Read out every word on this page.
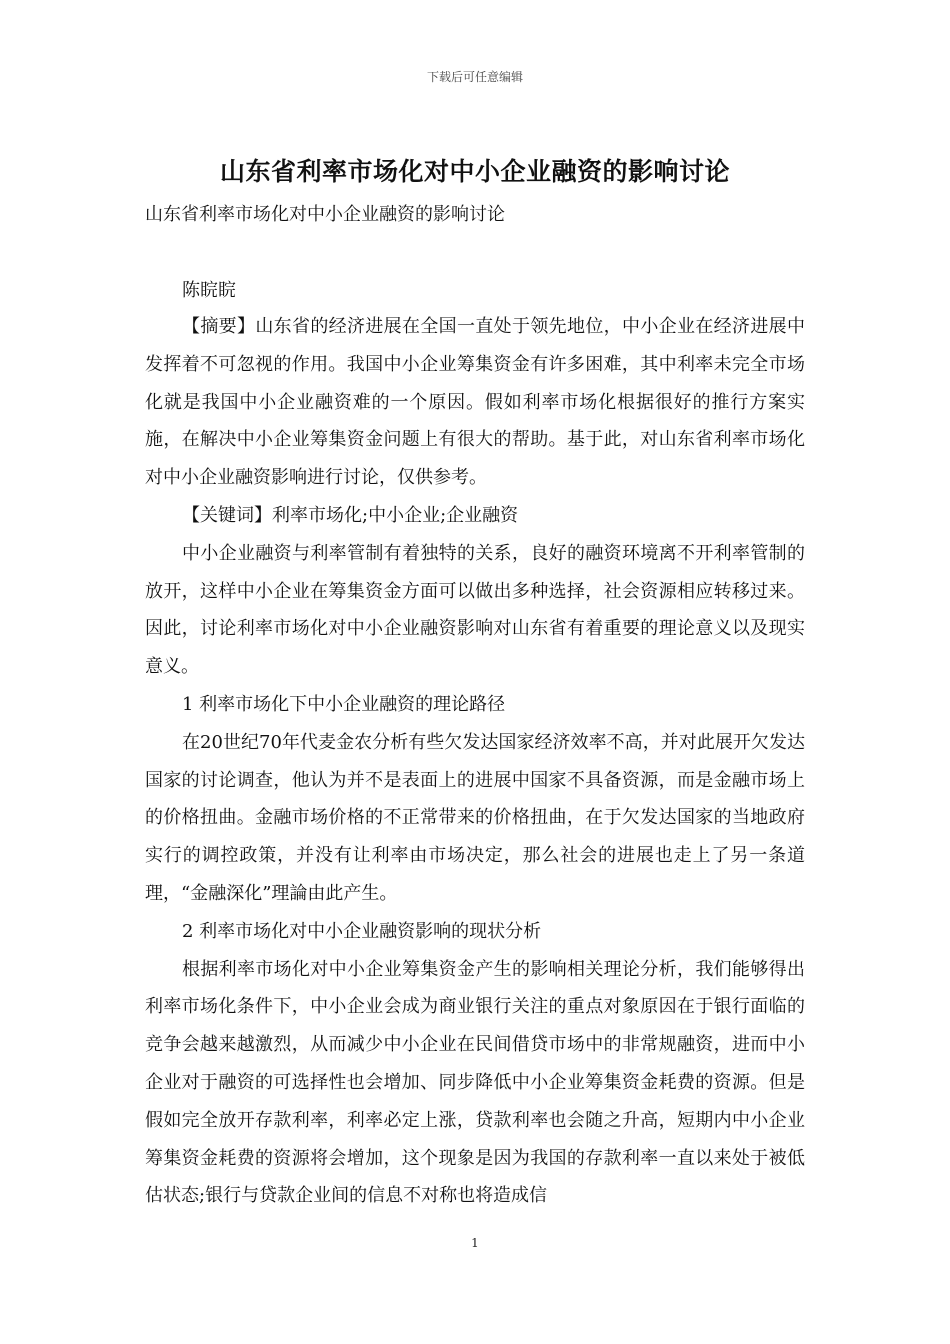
下载后可任意编辑
山东省利率市场化对中小企业融资的影响讨论
山东省利率市场化对中小企业融资的影响讨论
陈睆睆

【摘要】山东省的经济进展在全国一直处于领先地位，中小企业在经济进展中发挥着不可忽视的作用。我国中小企业筹集资金有许多困难，其中利率未完全市场化就是我国中小企业融资难的一个原因。假如利率市场化根据很好的推行方案实施，在解决中小企业筹集资金问题上有很大的帮助。基于此，对山东省利率市场化对中小企业融资影响进行讨论，仅供参考。

【关键词】利率市场化;中小企业;企业融资

中小企业融资与利率管制有着独特的关系，良好的融资环境离不开利率管制的放开，这样中小企业在筹集资金方面可以做出多种选择，社会资源相应转移过来。因此，讨论利率市场化对中小企业融资影响对山东省有着重要的理论意义以及现实意义。

1 利率市场化下中小企业融资的理论路径

在20世纪70年代麦金农分析有些欠发达国家经济效率不高，并对此展开欠发达国家的讨论调查，他认为并不是表面上的进展中国家不具备资源，而是金融市场上的价格扭曲。金融市场价格的不正常带来的价格扭曲，在于欠发达国家的当地政府实行的调控政策，并没有让利率由市场决定，那么社会的进展也走上了另一条道理，“金融深化”理論由此产生。

2 利率市场化对中小企业融资影响的现状分析

根据利率市场化对中小企业筹集资金产生的影响相关理论分析，我们能够得出利率市场化条件下，中小企业会成为商业银行关注的重点对象原因在于银行面临的竞争会越来越激烈，从而减少中小企业在民间借贷市场中的非常规融资，进而中小企业对于融资的可选择性也会增加、同步降低中小企业筹集资金耗费的资源。但是假如完全放开存款利率，利率必定上涨，贷款利率也会随之升高，短期内中小企业筹集资金耗费的资源将会增加，这个现象是因为我国的存款利率一直以来处于被低估状态;银行与贷款企业间的信息不对称也将造成信

1
